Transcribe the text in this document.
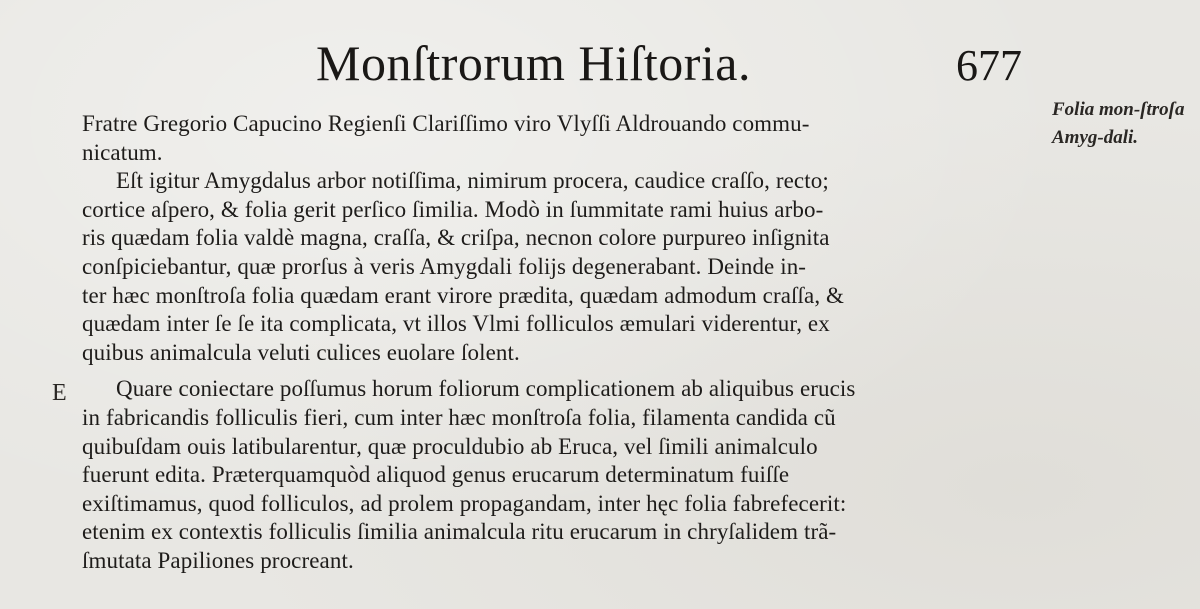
Monſtrorum Hiſtoria.	677
Folia mon-ſtroſa Amyg-dali.
E
Fratre Gregorio Capucino Regienſi Clariſſimo viro Vlyſſi Aldrouando commu-
nicatum.
Eſt igitur Amygdalus arbor notiſſima, nimirum procera, caudice craſſo, recto;
cortice aſpero, & folia gerit perſico ſimilia. Modò in ſummitate rami huius arbo-
ris quædam folia valdè magna, craſſa, & criſpa, necnon colore purpureo inſignita
conſpiciebantur, quæ prorſus à veris Amygdali folijs degenerabant. Deinde in-
ter hæc monſtroſa folia quædam erant virore prædita, quædam admodum craſſa, &
quædam inter ſe ſe ita complicata, vt illos Vlmi folliculos æmulari viderentur, ex
quibus animalcula veluti culices euolare ſolent.
Quare coniectare poſſumus horum foliorum complicationem ab aliquibus erucis
in fabricandis folliculis fieri, cum inter hæc monſtroſa folia, filamenta candida cũ
quibuſdam ouis latibularentur, quæ proculdubio ab Eruca, vel ſimili animalculo
fuerunt edita. Præterquamquòd aliquod genus erucarum determinatum fuiſſe
exiſtimamus, quod folliculos, ad prolem propagandam, inter hęc folia fabrefecerit:
etenim ex contextis folliculis ſimilia animalcula ritu erucarum in chryſalidem trã-
ſmutata Papiliones procreant.
